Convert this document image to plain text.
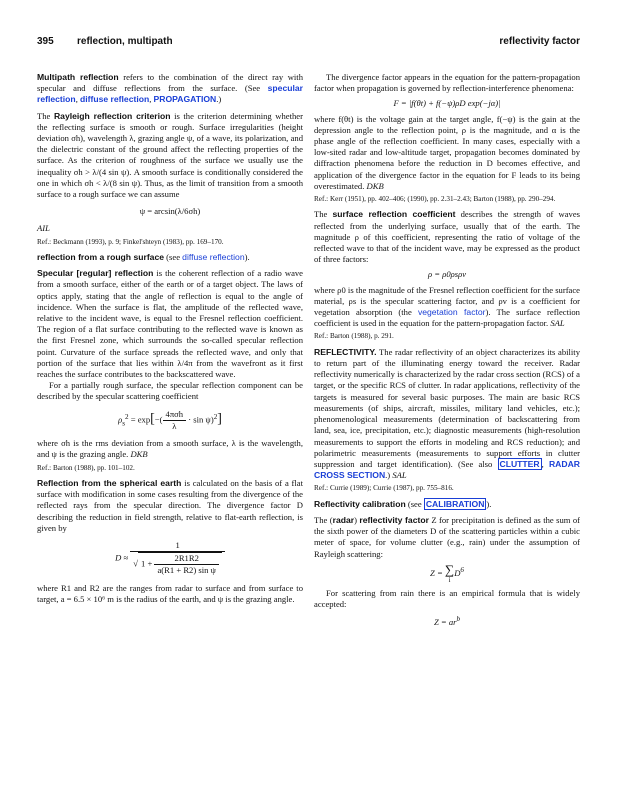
395 reflection, multipath	reflectivity factor

Multipath reflection refers to the combination of the direct ray with specular and diffuse reflections from the surface. (See specular reflection, diffuse reflection, PROPAGATION.)

The Rayleigh reflection criterion is the criterion determining whether the reflecting surface is smooth or rough. Surface irregularities (height deviation σh), wavelength λ, grazing angle ψ, of a wave, its polarization, and the dielectric constant of the ground affect the reflecting properties of the surface. As the criterion of roughness of the surface we usually use the inequality σh > λ/(4 sin ψ). A smooth surface is conditionally considered the one in which σh < λ/(8 sin ψ). Thus, as the limit of transition from a smooth surface to a rough surface we can assume

ψ = arcsin(λ/6σh)

AIL

Ref.: Beckmann (1993), p. 9; Finkel'shteyn (1983), pp. 169–170.

reflection from a rough surface (see diffuse reflection).

Specular [regular] reflection is the coherent reflection of a radio wave from a smooth surface, either of the earth or of a target object. The laws of optics apply, stating that the angle of reflection is equal to the angle of incidence. When the surface is flat, the amplitude of the reflected wave, relative to the incident wave, is equal to the Fresnel reflection coefficient. The region of a flat surface contributing to the reflected wave is known as the first Fresnel zone, which surrounds the so-called specular reflection point. Curvature of the surface spreads the reflected wave, and only that portion of the surface that lies within λ/4π from the wavefront as it first reaches the surface contributes to the backscattered wave.

For a partially rough surface, the specular reflection component can be described by the specular scattering coefficient

$\rho_s^2 = \exp[-( \frac{\text{4πσh}}{\lambda} \cdot \sin \psi)^2]$

where σh is the rms deviation from a smooth surface, λ is the wavelength, and ψ is the grazing angle. DKB

Ref.: Barton (1988), pp. 101–102.

Reflection from the spherical earth is calculated on the basis of a flat surface with modification in some cases resulting from the divergence of the reflected rays from the specular direction. The divergence factor D describing the reduction in field strength, relative to flat-earth reflection, is given by

$D \approx \frac{1}{√ 1 + \frac{2R1R2}{\text{a(R1 + R2) sin ψ}}}$

where R1 and R2 are the ranges from radar to surface and from surface to target, a = 6.5 × 10⁶ m is the radius of the earth, and ψ is the grazing angle.

The divergence factor appears in the equation for the pattern-propagation factor when propagation is governed by reflection-interference phenomena:

F = |f(θt) + f(−ψ)ρD exp(−jα)|

where f(θt) is the voltage gain at the target angle, f(−ψ) is the gain at the depression angle to the reflection point, ρ is the magnitude, and α is the phase angle of the reflection coefficient. In many cases, especially with a low-sited radar and low-altitude target, propagation becomes dominated by diffraction phenomena before the reduction in D becomes effective, and application of the divergence factor in the equation for F leads to its being overestimated. DKB

Ref.: Kerr (1951), pp. 402–406; (1990), pp. 2.31–2.43; Barton (1988), pp. 290–294.

The surface reflection coefficient describes the strength of waves reflected from the underlying surface, usually that of the earth. The magnitude ρ of this coefficient, representing the ratio of voltage of the reflected wave to that of the incident wave, may be expressed as the product of three factors:

ρ = ρ0ρsρv

where ρ0 is the magnitude of the Fresnel reflection coefficient for the surface material, ρs is the specular scattering factor, and ρv is a coefficient for vegetation absorption (the vegetation factor). The surface reflection coefficient is used in the equation for the pattern-propagation factor. SAL

Ref.: Barton (1988), p. 291.

REFLECTIVITY. The radar reflectivity of an object characterizes its ability to return part of the illuminating energy toward the receiver. Radar reflectivity numerically is characterized by the radar cross section (RCS) of a target, or the specific RCS of clutter. In radar applications, reflectivity of the targets is measured for several basic purposes. The main are basic RCS measurements (of ships, aircraft, missiles, military land vehicles, etc.); phenomenological measurements (determination of backscattering from land, sea, ice, precipitation, etc.); diagnostic measurements (high-resolution measurements to support the efforts in modeling and RCS reduction); and polarimetric measurements (measurements to support efforts in clutter suppression and target identification). (See also CLUTTER , RADAR CROSS SECTION.) SAL

Ref.: Currie (1989); Currie (1987), pp. 755–816.

Reflectivity calibration (see CALIBRATION ).

The (radar) reflectivity factor Z for precipitation is defined as the sum of the sixth power of the diameters D of the scattering particles within a cubic meter of space, for volume clutter (e.g., rain) under the assumption of Rayleigh scattering:

Z = ∑
i
$D^6$

For scattering from rain there is an empirical formula that is widely accepted:

$Z = ar^b$
